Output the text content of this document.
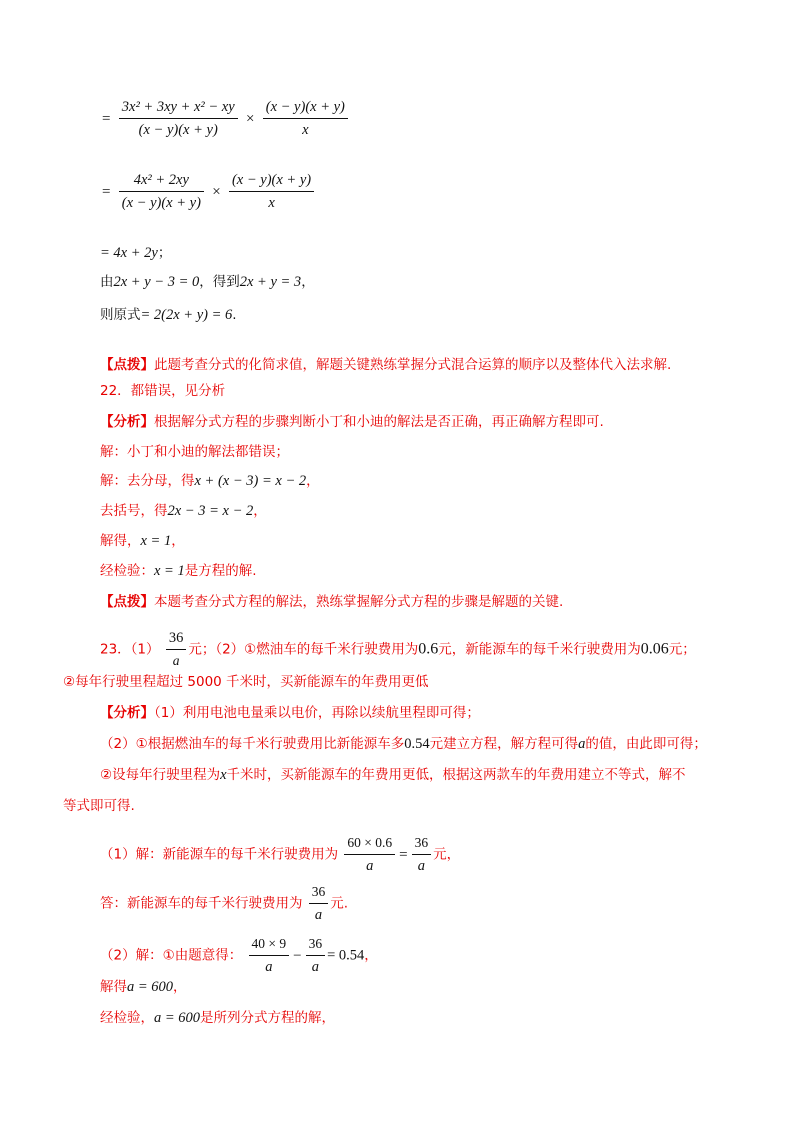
= $\frac{\text{3x² + 3xy + x² − xy}}{(x - y)(x + y)} \times \frac{(x - y)(x + y)}{x}$
= $\frac{\text{4x² + 2xy}}{(x - y)(x + y)} \times \frac{(x - y)(x + y)}{x}$
= 4x + 2y；
由2x + y − 3 = 0，得到2x + y = 3，
则原式= 2(2x + y) = 6.
【点拨】此题考查分式的化简求值，解题关键熟练掌握分式混合运算的顺序以及整体代入法求解.
22．都错误，见分析
【分析】根据解分式方程的步骤判断小丁和小迪的解法是否正确，再正确解方程即可.
解：小丁和小迪的解法都错误；
解：去分母，得x + (x − 3) = x − 2，
去括号，得2x − 3 = x − 2，
解得，x = 1，
经检验：x = 1是方程的解.
【点拨】本题考查分式方程的解法，熟练掌握解分式方程的步骤是解题的关键.
23．$(1) \frac{36}{a}$ 元；（2）①燃油车的每千米行驶费用为0.6元，新能源车的每千米行驶费用为0.06元；
②每年行驶里程超过 5000 千米时，买新能源车的年费用更低
【分析】（1）利用电池电量乘以电价，再除以续航里程即可得；
（2）①根据燃油车的每千米行驶费用比新能源车多0.54元建立方程，解方程可得a的值，由此即可得；
②设每年行驶里程为x千米时，买新能源车的年费用更低，根据这两款车的年费用建立不等式，解不
等式即可得.
（1）解：新能源车的每千米行驶费用为 $\frac{60 \times 0.6}{a} = \frac{36}{a}$ 元，
答：新能源车的每千米行驶费用为 $\frac{36}{a}$ 元.
（2）解：①由题意得： $\frac{40 \times 9}{a} - \frac{36}{a} = 0.54$，
解得a = 600，
经检验，a = 600是所列分式方程的解，
